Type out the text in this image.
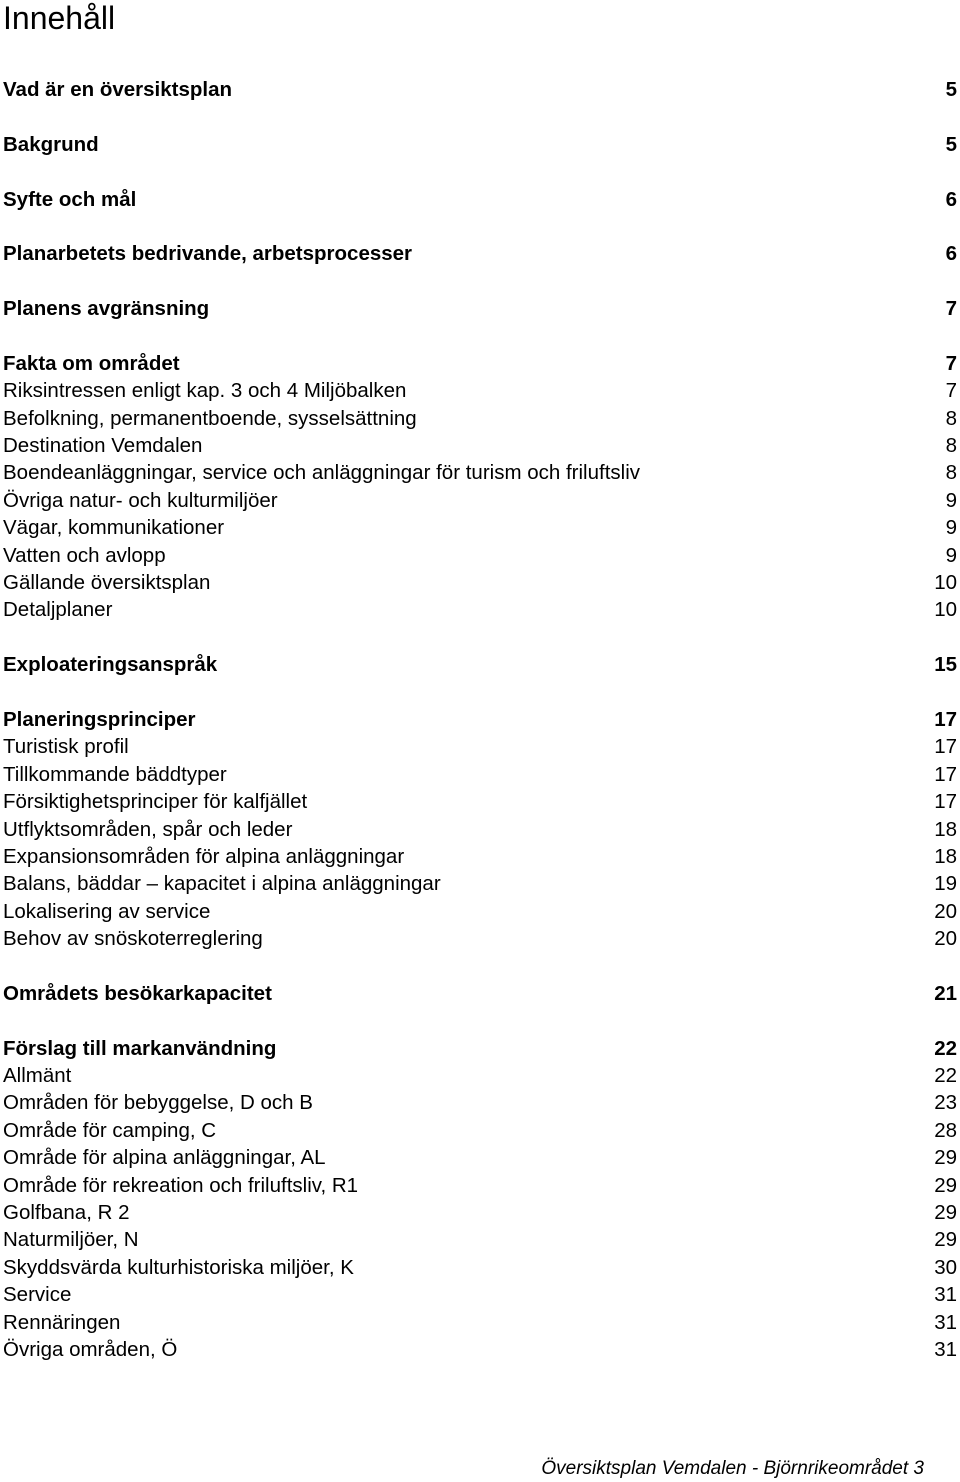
Innehåll
Vad är en översiktsplan	5
Bakgrund	5
Syfte och mål	6
Planarbetets bedrivande, arbetsprocesser	6
Planens avgränsning	7
Fakta om området	7
Riksintressen enligt kap. 3 och 4 Miljöbalken	7
Befolkning, permanentboende, sysselsättning	8
Destination Vemdalen	8
Boendeanläggningar, service och anläggningar för turism och friluftsliv	8
Övriga natur- och kulturmiljöer	9
Vägar, kommunikationer	9
Vatten och avlopp	9
Gällande översiktsplan	10
Detaljplaner	10
Exploateringsanspråk	15
Planeringsprinciper	17
Turistisk profil	17
Tillkommande bäddtyper	17
Försiktighetsprinciper för kalfjället	17
Utflyktsområden, spår och leder	18
Expansionsområden för alpina anläggningar	18
Balans, bäddar – kapacitet i alpina anläggningar	19
Lokalisering av service	20
Behov av snöskoterreglering	20
Områdets besökarkapacitet	21
Förslag till markanvändning	22
Allmänt	22
Områden för bebyggelse, D och B	23
Område för camping, C	28
Område för alpina anläggningar, AL	29
Område för rekreation och friluftsliv, R1	29
Golfbana, R 2	29
Naturmiljöer, N	29
Skyddsvärda kulturhistoriska miljöer, K	30
Service	31
Rennäringen	31
Övriga områden, Ö	31
Översiktsplan Vemdalen - Björnrikeområdet 3
